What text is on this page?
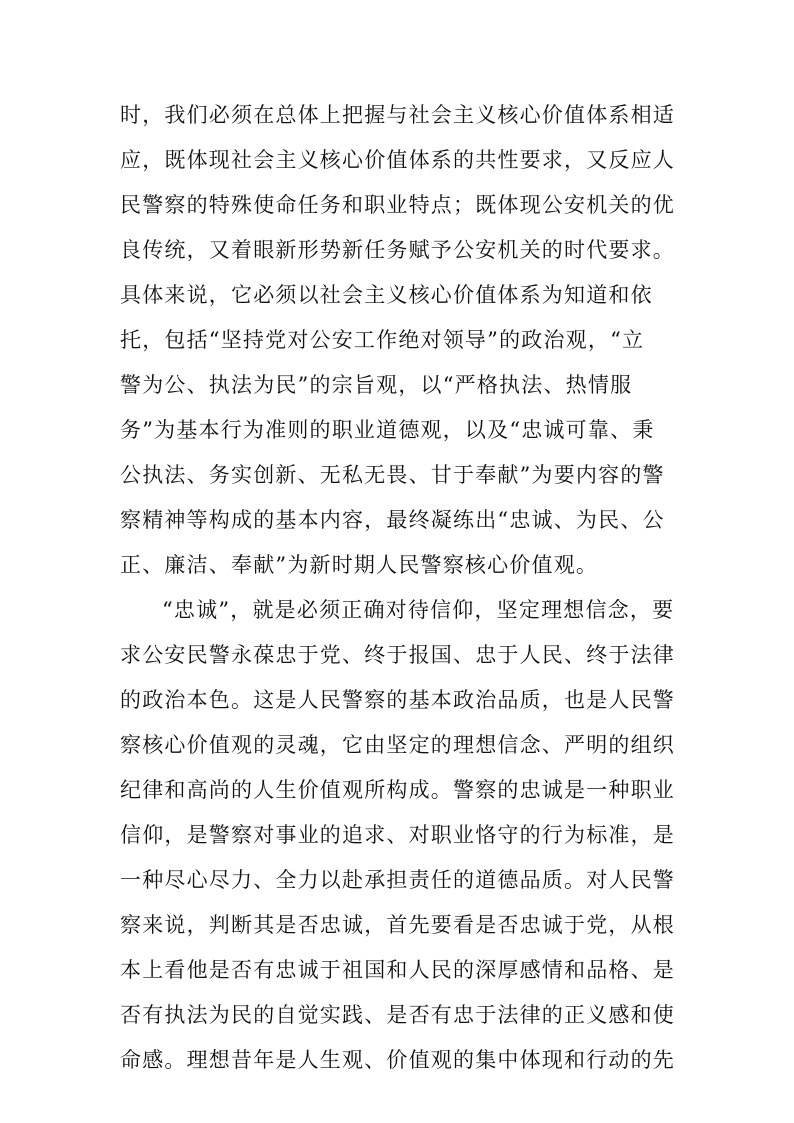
时，我们必须在总体上把握与社会主义核心价值体系相适
应，既体现社会主义核心价值体系的共性要求，又反应人
民警察的特殊使命任务和职业特点；既体现公安机关的优
良传统，又着眼新形势新任务赋予公安机关的时代要求。
具体来说，它必须以社会主义核心价值体系为知道和依
托，包括“坚持党对公安工作绝对领导”的政治观，“立
警为公、执法为民”的宗旨观，以“严格执法、热情服
务”为基本行为准则的职业道德观，以及“忠诚可靠、秉
公执法、务实创新、无私无畏、甘于奉献”为要内容的警
察精神等构成的基本内容，最终凝练出“忠诚、为民、公
正、廉洁、奉献”为新时期人民警察核心价值观。
“忠诚”，就是必须正确对待信仰，坚定理想信念，要
求公安民警永葆忠于党、终于报国、忠于人民、终于法律
的政治本色。这是人民警察的基本政治品质，也是人民警
察核心价值观的灵魂，它由坚定的理想信念、严明的组织
纪律和高尚的人生价值观所构成。警察的忠诚是一种职业
信仰，是警察对事业的追求、对职业恪守的行为标准，是
一种尽心尽力、全力以赴承担责任的道德品质。对人民警
察来说，判断其是否忠诚，首先要看是否忠诚于党，从根
本上看他是否有忠诚于祖国和人民的深厚感情和品格、是
否有执法为民的自觉实践、是否有忠于法律的正义感和使
命感。理想昔年是人生观、价值观的集中体现和行动的先
